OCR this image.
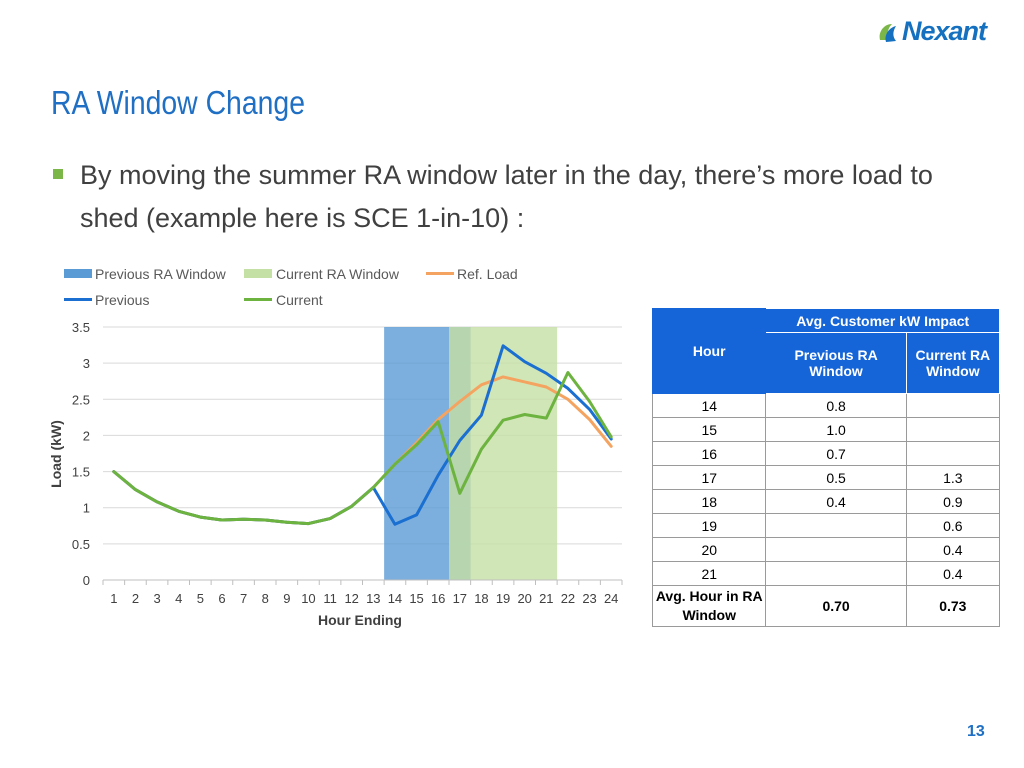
Nexant
RA Window Change
By moving the summer RA window later in the day, there’s more load to shed (example here is SCE 1-in-10) :
Previous RA Window	Current RA Window	Ref. Load
Previous	Current
0
0.5
1
1.5
2
2.5
3
3.5
1 2 3 4 5 6 7 8 9 10 11 12 13 14 15 16 17 18 19 20 21 22 23 24
Hour Ending
Load (kW)
Hour	Avg. Customer kW Impact	
	Previous RA Window	Current RA Window
14	0.8	
15	1.0	
16	0.7	
17	0.5	1.3
18	0.4	0.9
19		0.6
20		0.4
21		0.4
Avg. Hour in RA Window	0.70	0.73
13
